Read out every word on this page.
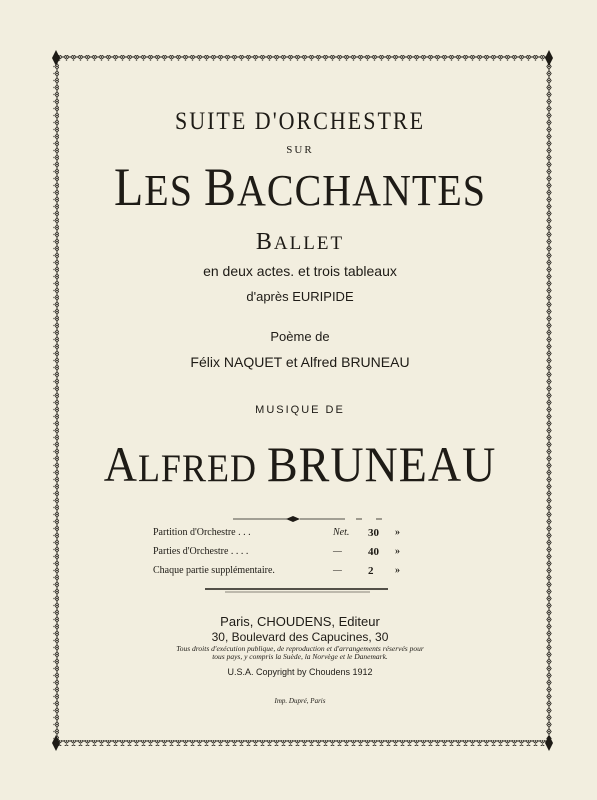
SUITE D'ORCHESTRE
SUR
LES BACCHANTES
BALLET
en deux actes. et trois tableaux
d'après EURIPIDE
Poème de
Félix NAQUET et Alfred BRUNEAU
MUSIQUE DE
ALFRED BRUNEAU
Paris, CHOUDENS, Editeur
30, Boulevard des Capucines, 30
Tous droits d'exécution publique, de reproduction et d'arrangements réservés pour
tous pays, y compris la Suède, la Norvège et le Danemark.
U.S.A. Copyright by Choudens 1912
Imp. Dupré, Paris
Partition d'Orchestre . . .	Net. 30 »
Parties d'Orchestre . . . .	— 40 »
Chaque partie supplémentaire.	— 2 »
